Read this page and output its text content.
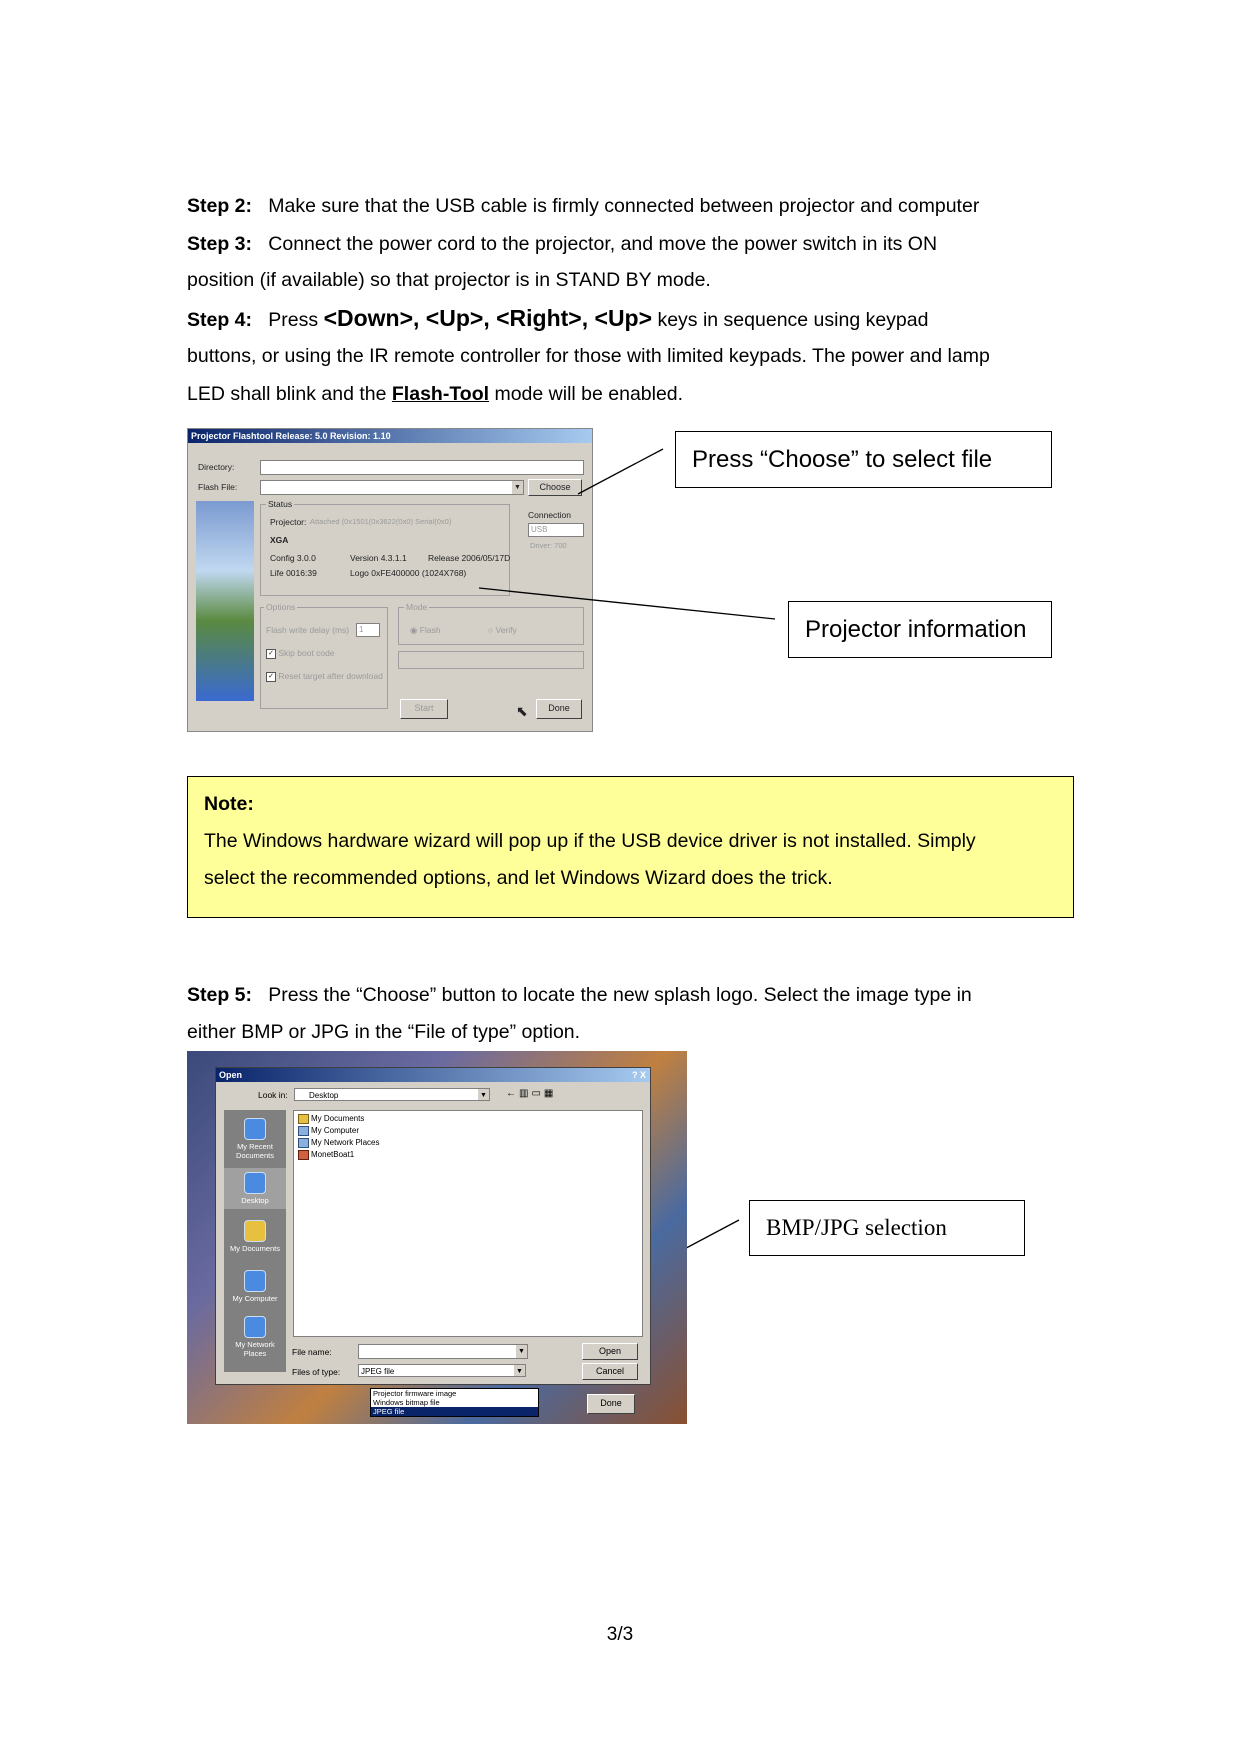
Step 2: Make sure that the USB cable is firmly connected between projector and computer
Step 3: Connect the power cord to the projector, and move the power switch in its ON
position (if available) so that projector is in STAND BY mode.
Step 4: Press <Down>, <Up>, <Right>, <Up> keys in sequence using keypad
buttons, or using the IR remote controller for those with limited keypads. The power and lamp
LED shall blink and the Flash-Tool mode will be enabled.
Projector Flashtool Release: 5.0 Revision: 1.10
Directory:
Flash File:	▼	Choose
Status
Projector: Attached (0x1501(0x3622(0x0) Serial(0x0)
XGA
Config 3.0.0	Version 4.3.1.1	Release 2006/05/17D
Life 0016:39	Logo 0xFE400000 (1024X768)
Connection
USB
Driver: 700
Options
Flash write delay (ms)	1
✓ Skip boot code
✓ Reset target after download
Mode
◉ Flash	○ Verify
Start	⬉	Done
Press “Choose” to select file
Projector information
Note:
The Windows hardware wizard will pop up if the USB device driver is not installed. Simply
select the recommended options, and let Windows Wizard does the trick.
Step 5: Press the “Choose” button to locate the new splash logo. Select the image type in
either BMP or JPG in the “File of type” option.
Open	? X
Look in:	Desktop	▼ ←▥▭▦
My Recent Documents
Desktop
My Documents
My Computer
My Network Places
My Documents
My Computer
My Network Places
MonetBoat1
File name:	▼
Files of type:	JPEG file	▼
Open
Cancel
Projector firmware image
Windows bitmap file
JPEG file
Done
BMP/JPG selection
3/3
